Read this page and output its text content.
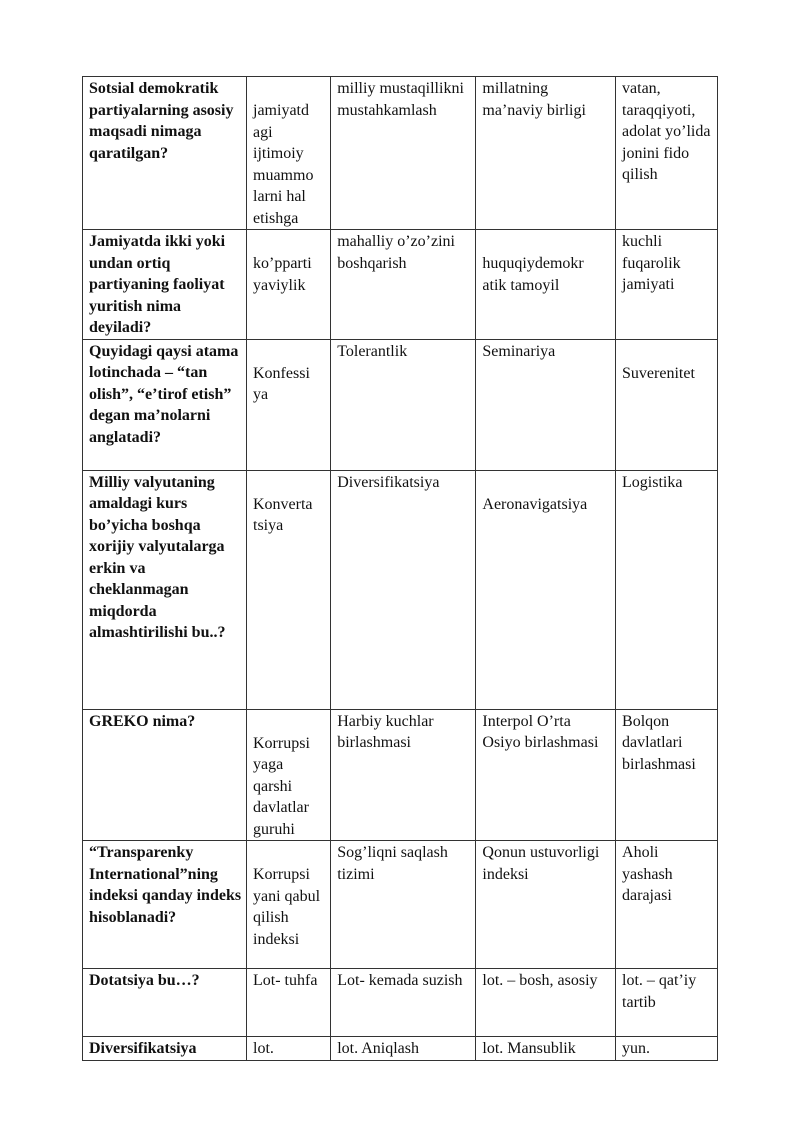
Sotsial demokratik partiyalarning asosiy maqsadi nimaga qaratilgan?	jamiyatd agi ijtimoiy muammo larni hal etishga	milliy mustaqillikni mustahkamlash	millatning ma’naviy birligi	vatan, taraqqiyoti, adolat yo’lida jonini fido qilish
Jamiyatda ikki yoki undan ortiq partiyaning faoliyat yuritish nima deyiladi?	ko’pparti yaviylik	mahalliy o’zo’zini boshqarish	huquqiydemokr atik tamoyil	kuchli fuqarolik jamiyati
Quyidagi qaysi atama lotinchada – “tan olish”, “e’tirof etish” degan ma’nolarni anglatadi?	Konfessi ya	Tolerantlik	Seminariya	Suverenitet
Milliy valyutaning amaldagi kurs bo’yicha boshqa xorijiy valyutalarga erkin va cheklanmagan miqdorda almashtirilishi bu..?	Konverta tsiya	Diversifikatsiya	Aeronavigatsiya	Logistika
GREKO nima?	Korrupsi yaga qarshi davlatlar guruhi	Harbiy kuchlar birlashmasi	Interpol O’rta Osiyo birlashmasi	Bolqon davlatlari birlashmasi
“Transparenky International”ning indeksi qanday indeks hisoblanadi?	Korrupsi yani qabul qilish indeksi	Sog’liqni saqlash tizimi	Qonun ustuvorligi indeksi	Aholi yashash darajasi
Dotatsiya bu…?	Lot- tuhfa	Lot- kemada suzish	lot. – bosh, asosiy	lot. – qat’iy tartib
Diversifikatsiya	lot.	lot. Aniqlash	lot. Mansublik	yun.
